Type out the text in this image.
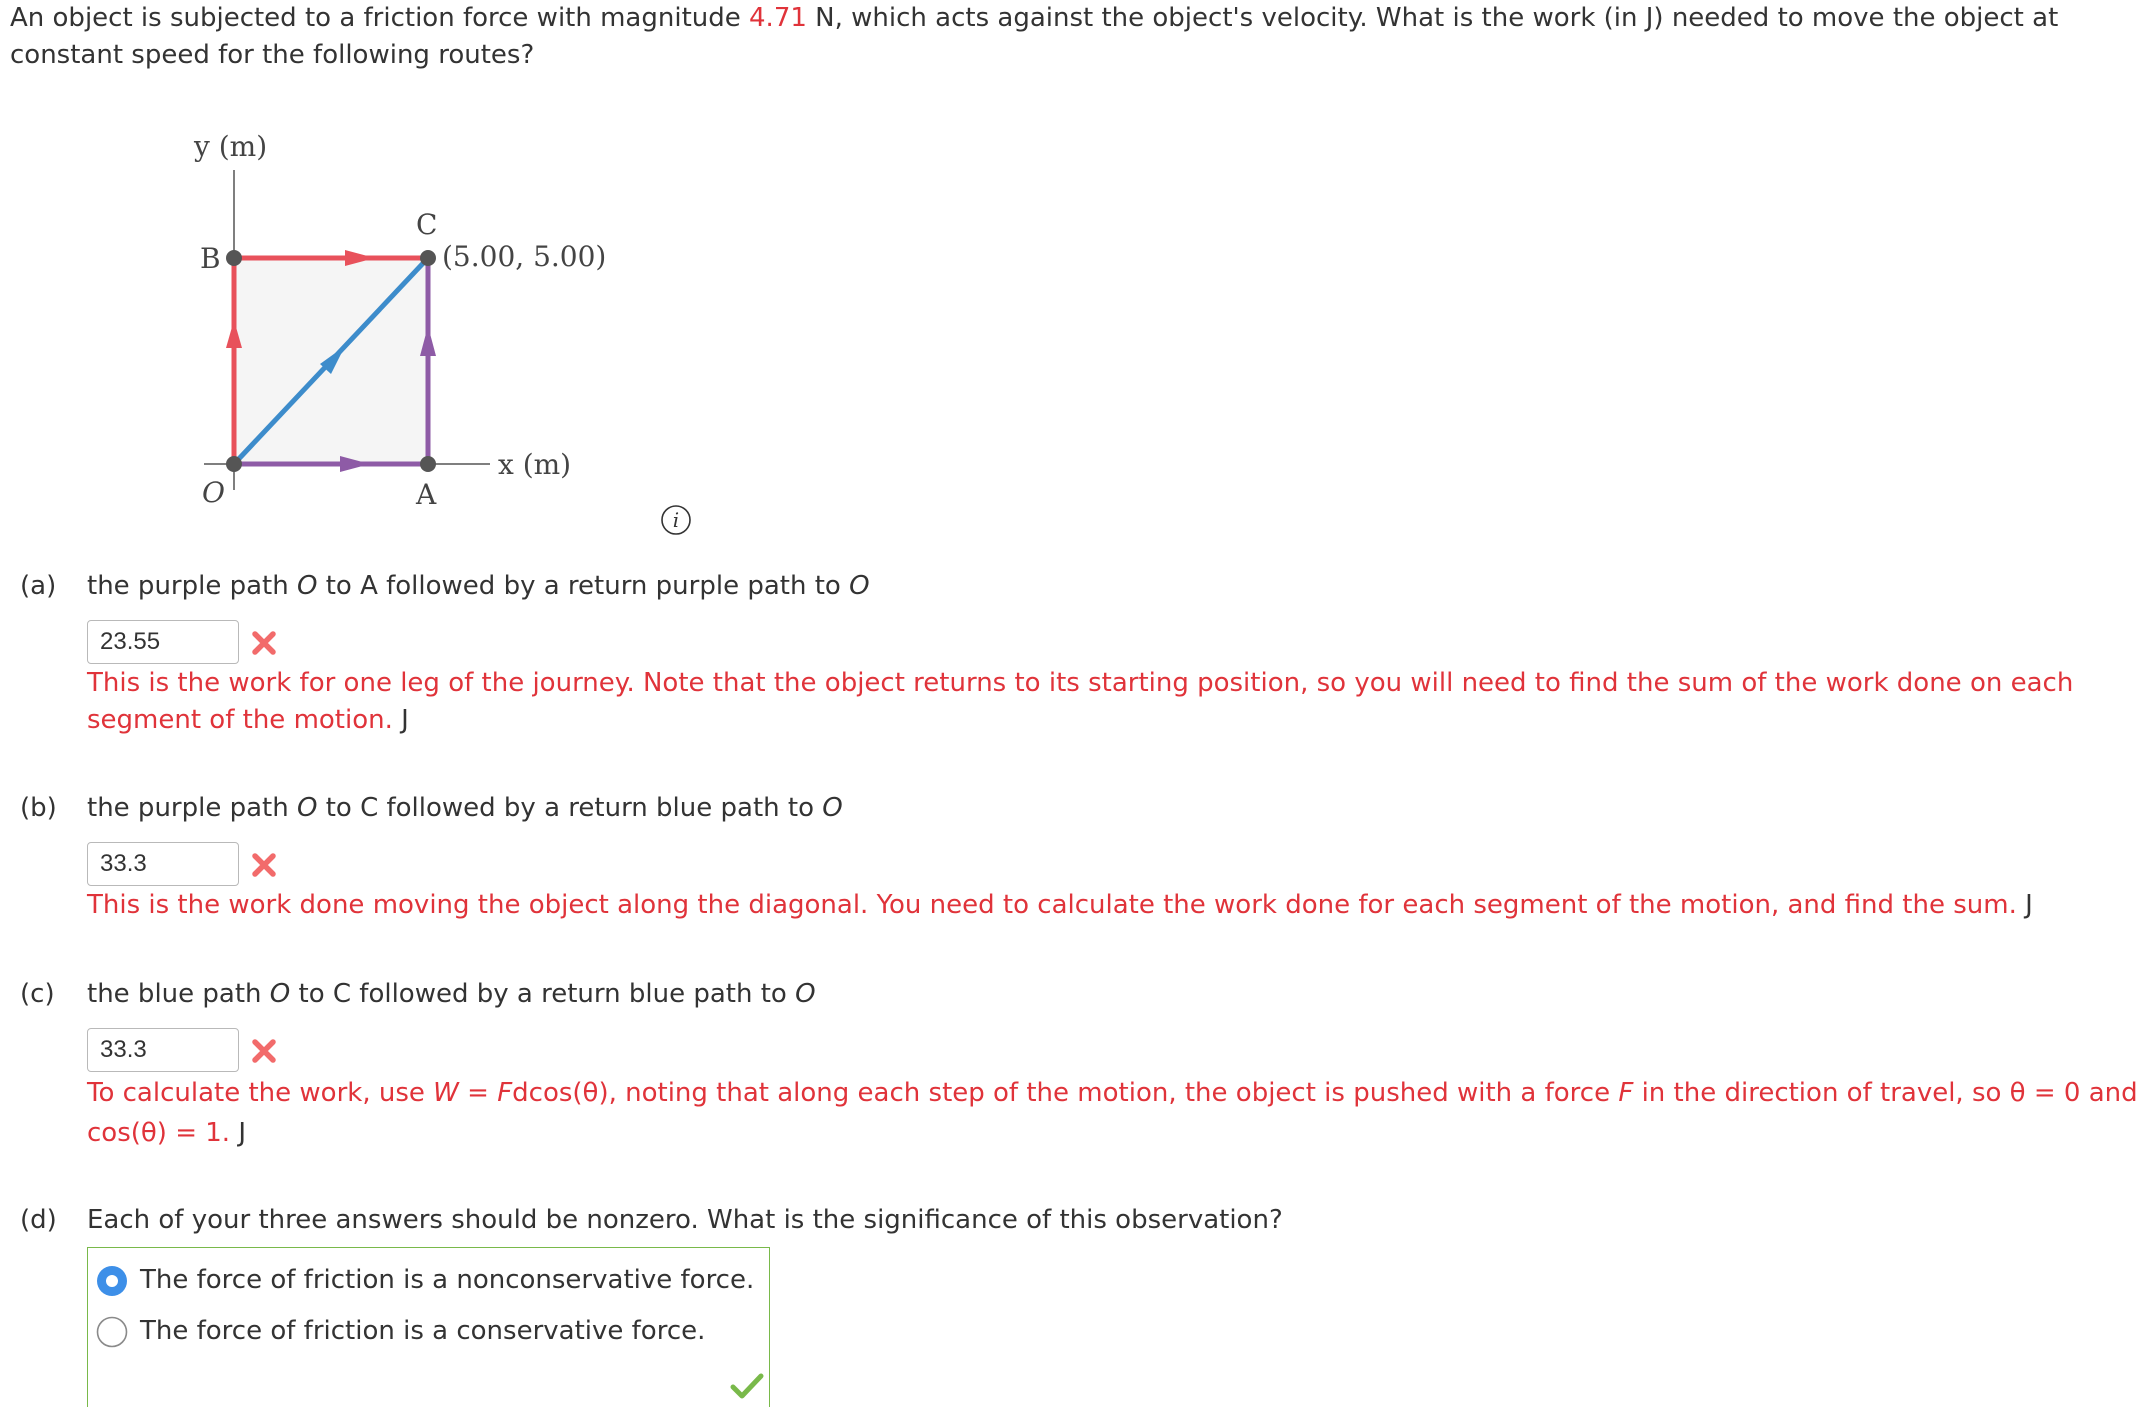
An object is subjected to a friction force with magnitude 4.71 N, which acts against the object's velocity. What is the work (in J) needed to move the object at constant speed for the following routes?
y (m)
x (m)
O	A
B
C
(5.00, 5.00)
i
(a)	the purple path O to A followed by a return purple path to O
23.55
This is the work for one leg of the journey. Note that the object returns to its starting position, so you will need to find the sum of the work done on each segment of the motion. J
(b)	the purple path O to C followed by a return blue path to O
33.3
This is the work done moving the object along the diagonal. You need to calculate the work done for each segment of the motion, and find the sum. J
(c)	the blue path O to C followed by a return blue path to O
33.3
To calculate the work, use W = Fdcos(θ), noting that along each step of the motion, the object is pushed with a force F in the direction of travel, so θ = 0 and cos(θ) = 1. J
(d)	Each of your three answers should be nonzero. What is the significance of this observation?
The force of friction is a nonconservative force.
The force of friction is a conservative force.
